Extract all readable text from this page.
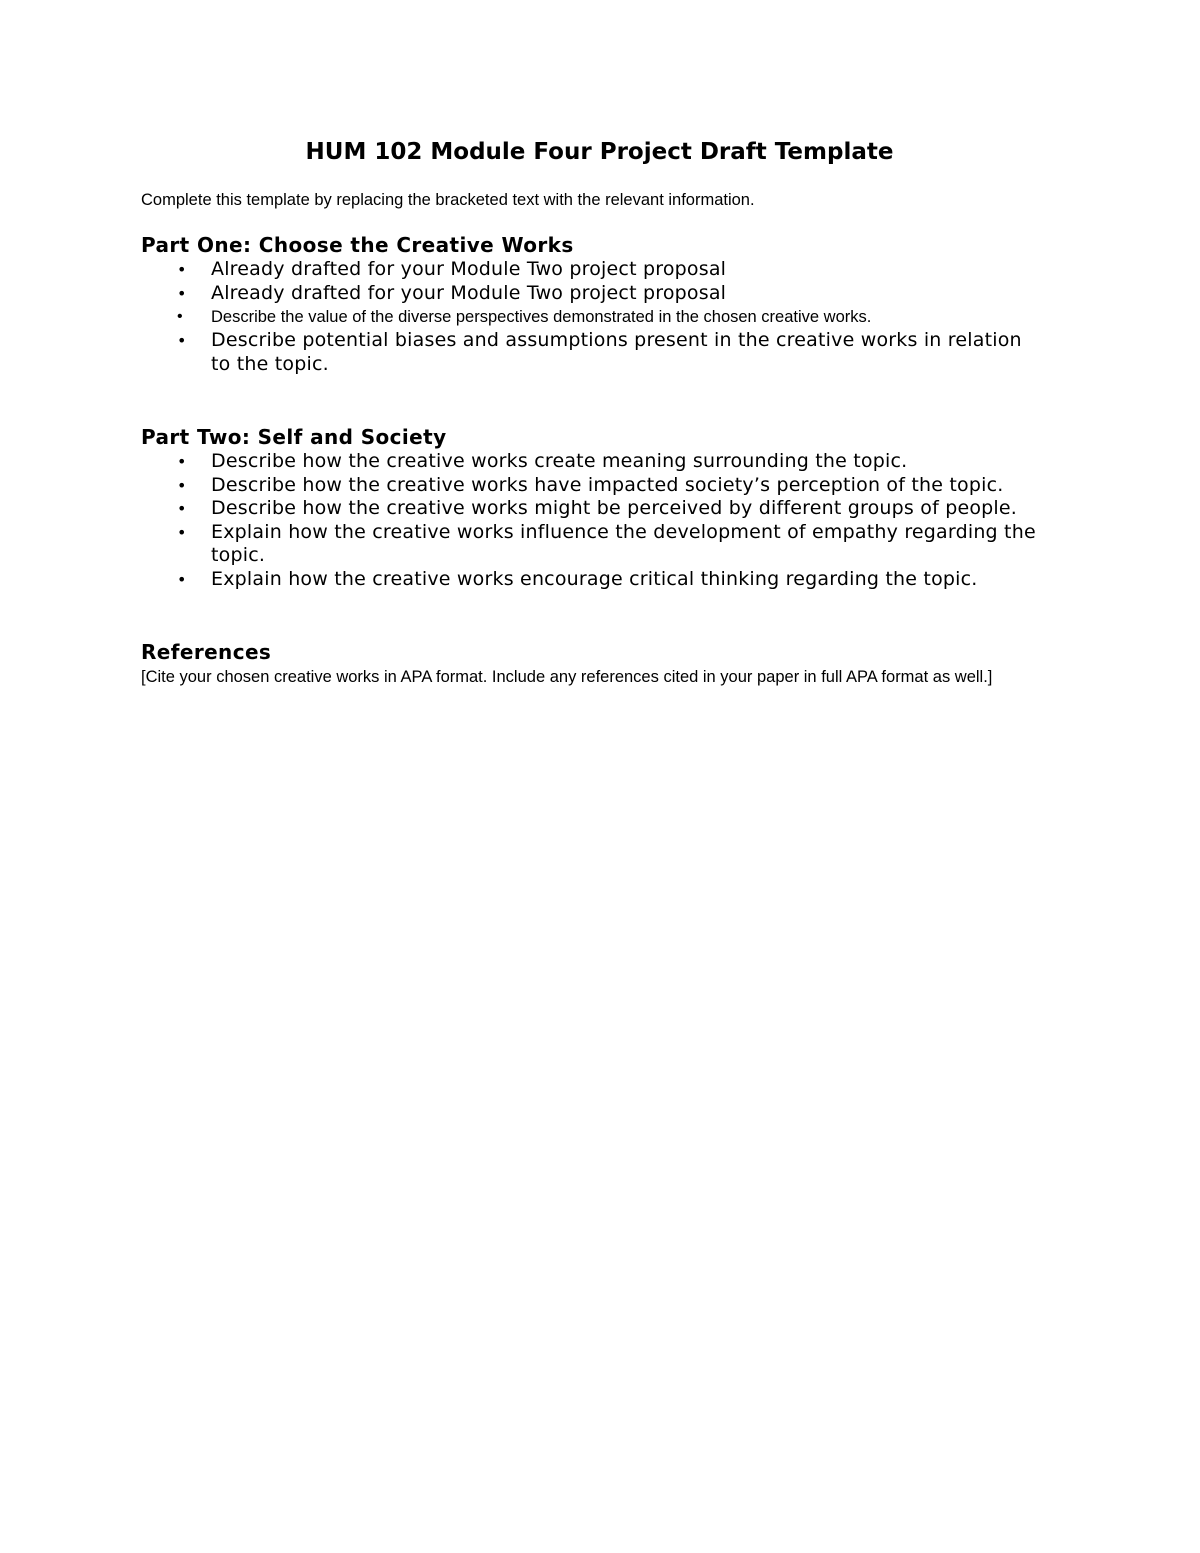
HUM 102 Module Four Project Draft Template

Complete this template by replacing the bracketed text with the relevant information.

Part One: Choose the Creative Works
• Already drafted for your Module Two project proposal
• Already drafted for your Module Two project proposal
• Describe the value of the diverse perspectives demonstrated in the chosen creative works.
• Describe potential biases and assumptions present in the creative works in relation to the topic.
Part Two: Self and Society
• Describe how the creative works create meaning surrounding the topic.
• Describe how the creative works have impacted society’s perception of the topic.
• Describe how the creative works might be perceived by different groups of people.
• Explain how the creative works influence the development of empathy regarding the topic.
• Explain how the creative works encourage critical thinking regarding the topic.
References

[Cite your chosen creative works in APA format. Include any references cited in your paper in full APA format as well.]
